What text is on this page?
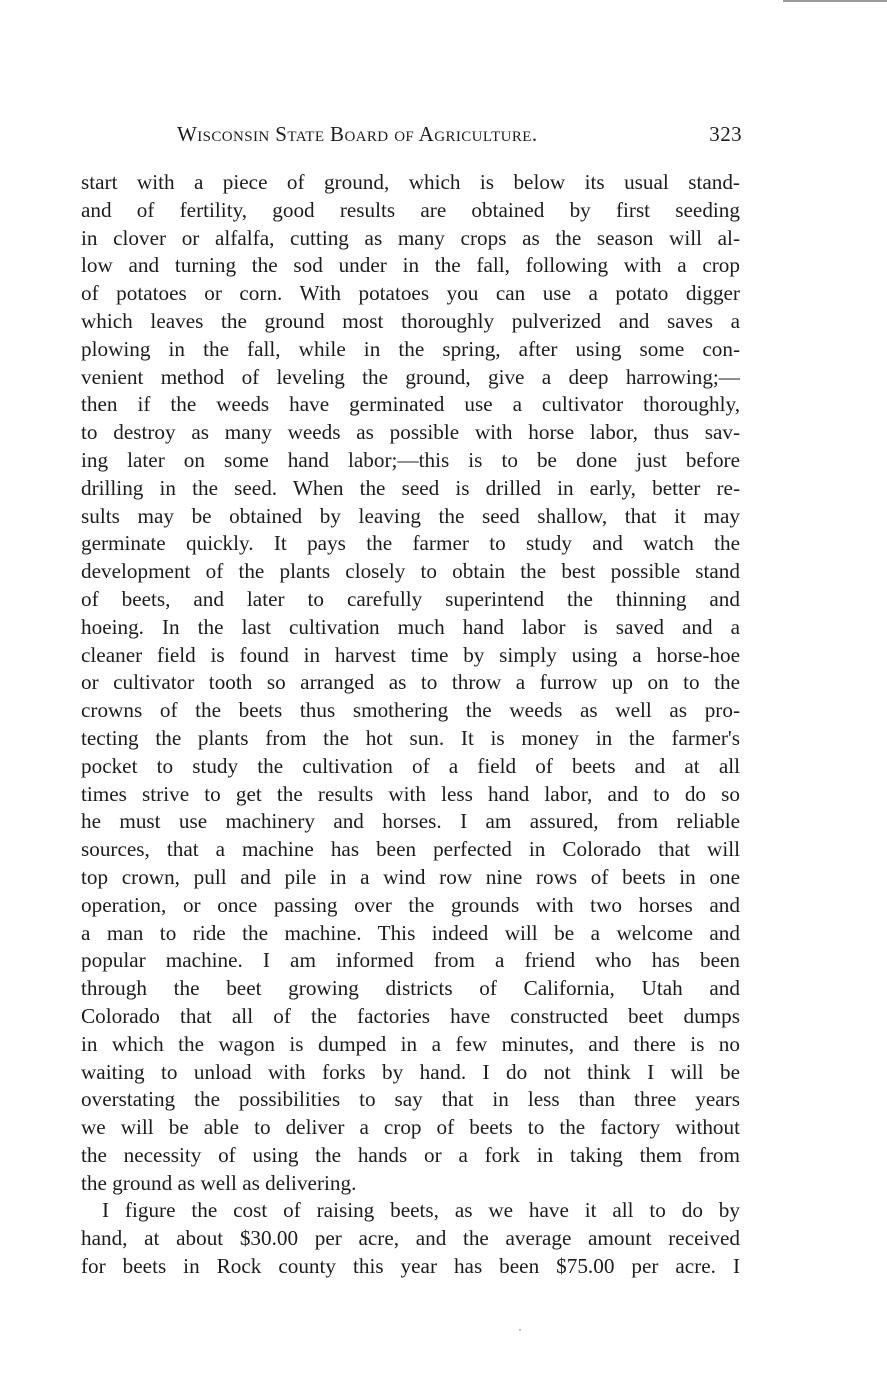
Wisconsin State Board of Agriculture.	323
start with a piece of ground, which is below its usual stand-
and of fertility, good results are obtained by first seeding
in clover or alfalfa, cutting as many crops as the season will al-
low and turning the sod under in the fall, following with a crop
of potatoes or corn. With potatoes you can use a potato digger
which leaves the ground most thoroughly pulverized and saves a
plowing in the fall, while in the spring, after using some con-
venient method of leveling the ground, give a deep harrowing;—
then if the weeds have germinated use a cultivator thoroughly,
to destroy as many weeds as possible with horse labor, thus sav-
ing later on some hand labor;—this is to be done just before
drilling in the seed. When the seed is drilled in early, better re-
sults may be obtained by leaving the seed shallow, that it may
germinate quickly. It pays the farmer to study and watch the
development of the plants closely to obtain the best possible stand
of beets, and later to carefully superintend the thinning and
hoeing. In the last cultivation much hand labor is saved and a
cleaner field is found in harvest time by simply using a horse-hoe
or cultivator tooth so arranged as to throw a furrow up on to the
crowns of the beets thus smothering the weeds as well as pro-
tecting the plants from the hot sun. It is money in the farmer's
pocket to study the cultivation of a field of beets and at all
times strive to get the results with less hand labor, and to do so
he must use machinery and horses. I am assured, from reliable
sources, that a machine has been perfected in Colorado that will
top crown, pull and pile in a wind row nine rows of beets in one
operation, or once passing over the grounds with two horses and
a man to ride the machine. This indeed will be a welcome and
popular machine. I am informed from a friend who has been
through the beet growing districts of California, Utah and
Colorado that all of the factories have constructed beet dumps
in which the wagon is dumped in a few minutes, and there is no
waiting to unload with forks by hand. I do not think I will be
overstating the possibilities to say that in less than three years
we will be able to deliver a crop of beets to the factory without
the necessity of using the hands or a fork in taking them from
the ground as well as delivering.
I figure the cost of raising beets, as we have it all to do by
hand, at about $30.00 per acre, and the average amount received
for beets in Rock county this year has been $75.00 per acre. I
